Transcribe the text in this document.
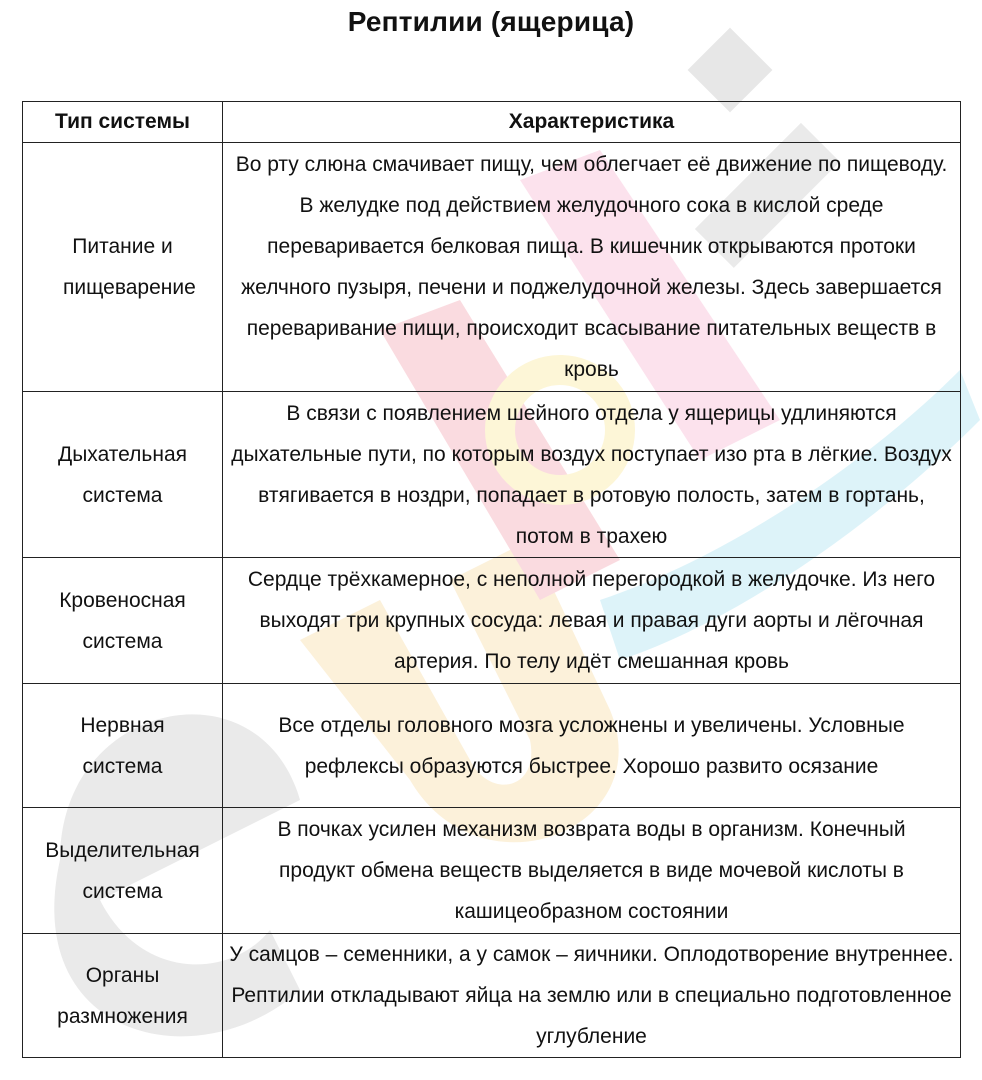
Рептилии (ящерица)
Тип системы	Характеристика
Питание и пищеварение	Во рту слюна смачивает пищу, чем облегчает её движение по пищеводу. В желудке под действием желудочного сока в кислой среде переваривается белковая пища. В кишечник открываются протоки желчного пузыря, печени и поджелудочной железы. Здесь завершается переваривание пищи, происходит всасывание питательных веществ в кровь
Дыхательная система	В связи с появлением шейного отдела у ящерицы удлиняются дыхательные пути, по которым воздух поступает изо рта в лёгкие. Воздух втягивается в ноздри, попадает в ротовую полость, затем в гортань, потом в трахею
Кровеносная система	Сердце трёхкамерное, с неполной перегородкой в желудочке. Из него выходят три крупных сосуда: левая и правая дуги аорты и лёгочная артерия. По телу идёт смешанная кровь
Нервная система	Все отделы головного мозга усложнены и увеличены. Условные рефлексы образуются быстрее. Хорошо развито осязание
Выделительная система	В почках усилен механизм возврата воды в организм. Конечный продукт обмена веществ выделяется в виде мочевой кислоты в кашицеобразном состоянии
Органы размножения	У самцов – семенники, а у самок – яичники. Оплодотворение внутреннее. Рептилии откладывают яйца на землю или в специально подготовленное углубление
